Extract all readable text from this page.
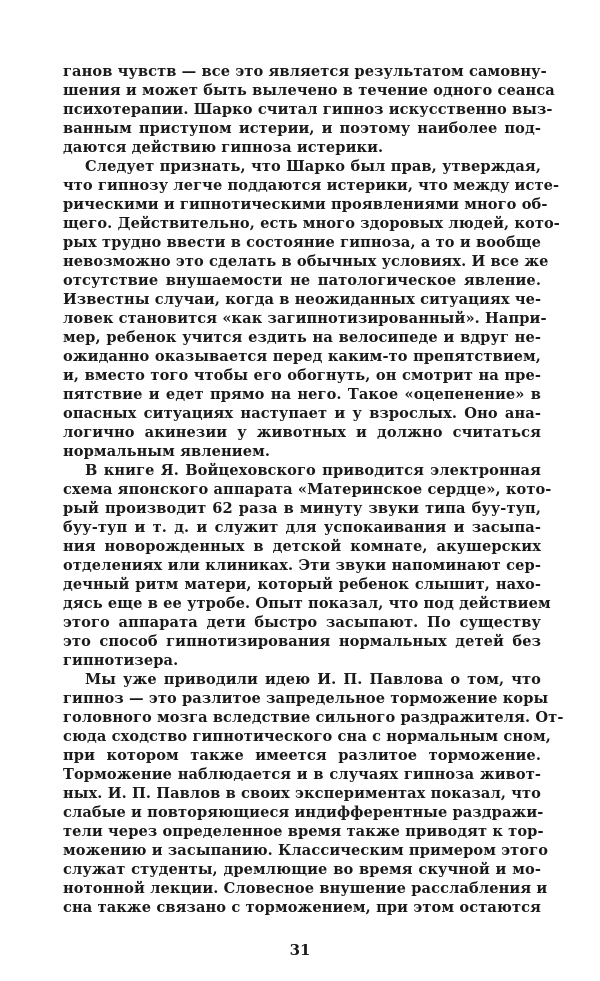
ганов чувств — все это является результатом самовну-
шения и может быть вылечено в течение одного сеанса
психотерапии. Шарко считал гипноз искусственно выз-
ванным приступом истерии, и поэтому наиболее под-
даются действию гипноза истерики.
Следует признать, что Шарко был прав, утверждая,
что гипнозу легче поддаются истерики, что между исте-
рическими и гипнотическими проявлениями много об-
щего. Действительно, есть много здоровых людей, кото-
рых трудно ввести в состояние гипноза, а то и вообще
невозможно это сделать в обычных условиях. И все же
отсутствие внушаемости не патологическое явление.
Известны случаи, когда в неожиданных ситуациях че-
ловек становится «как загипнотизированный». Напри-
мер, ребенок учится ездить на велосипеде и вдруг не-
ожиданно оказывается перед каким-то препятствием,
и, вместо того чтобы его обогнуть, он смотрит на пре-
пятствие и едет прямо на него. Такое «оцепенение» в
опасных ситуациях наступает и у взрослых. Оно ана-
логично акинезии у животных и должно считаться
нормальным явлением.
В книге Я. Войцеховского приводится электронная
схема японского аппарата «Материнское сердце», кото-
рый производит 62 раза в минуту звуки типа буу-туп,
буу-туп и т. д. и служит для успокаивания и засыпа-
ния новорожденных в детской комнате, акушерских
отделениях или клиниках. Эти звуки напоминают сер-
дечный ритм матери, который ребенок слышит, нахо-
дясь еще в ее утробе. Опыт показал, что под действием
этого аппарата дети быстро засыпают. По существу
это способ гипнотизирования нормальных детей без
гипнотизера.
Мы уже приводили идею И. П. Павлова о том, что
гипноз — это разлитое запредельное торможение коры
головного мозга вследствие сильного раздражителя. От-
сюда сходство гипнотического сна с нормальным сном,
при котором также имеется разлитое торможение.
Торможение наблюдается и в случаях гипноза живот-
ных. И. П. Павлов в своих экспериментах показал, что
слабые и повторяющиеся индифферентные раздражи-
тели через определенное время также приводят к тор-
можению и засыпанию. Классическим примером этого
служат студенты, дремлющие во время скучной и мо-
нотонной лекции. Словесное внушение расслабления и
сна также связано с торможением, при этом остаются
31
